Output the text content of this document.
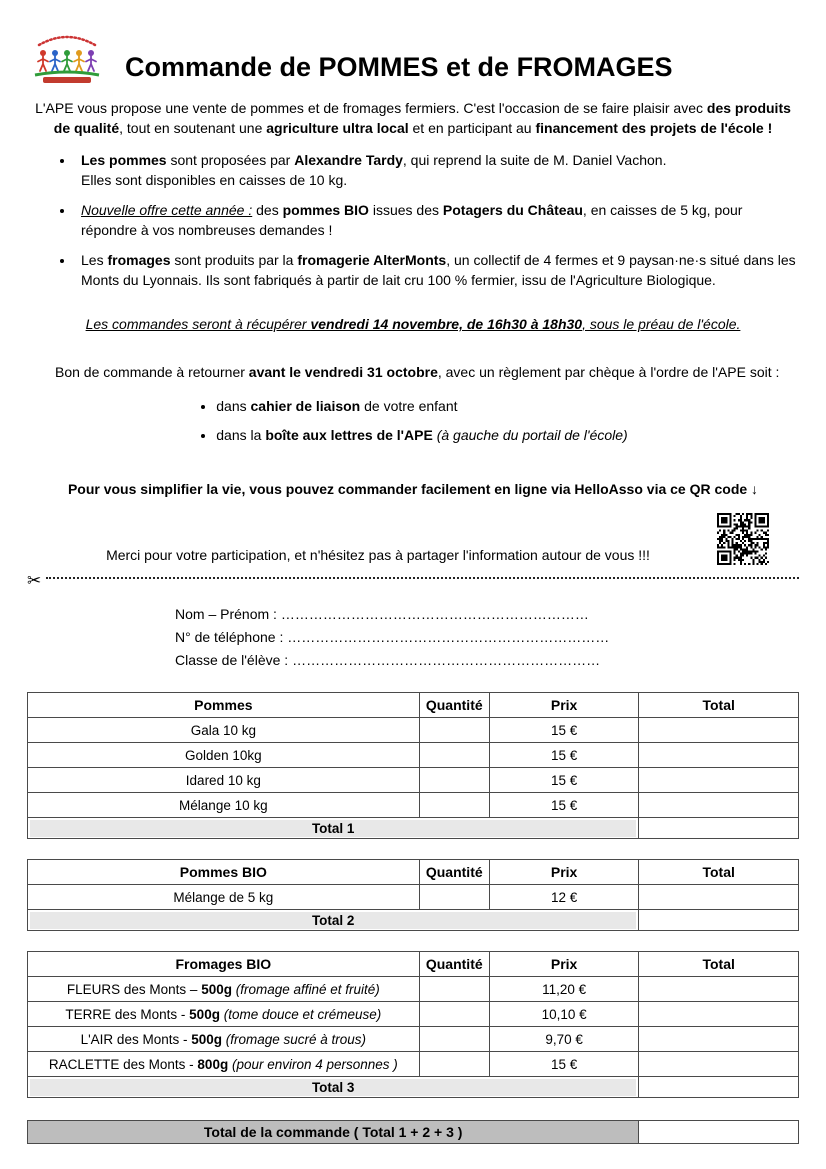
Commande de POMMES et de FROMAGES

L'APE vous propose une vente de pommes et de fromages fermiers. C'est l'occasion de se faire plaisir avec des produits de qualité, tout en soutenant une agriculture ultra local et en participant au financement des projets de l'école !

• Les pommes sont proposées par Alexandre Tardy, qui reprend la suite de M. Daniel Vachon.
Elles sont disponibles en caisses de 10 kg.
• Nouvelle offre cette année : des pommes BIO issues des Potagers du Château, en caisses de 5 kg, pour répondre à vos nombreuses demandes !
• Les fromages sont produits par la fromagerie AlterMonts, un collectif de 4 fermes et 9 paysan·ne·s situé dans les Monts du Lyonnais. Ils sont fabriqués à partir de lait cru 100 % fermier, issu de l'Agriculture Biologique.

Les commandes seront à récupérer vendredi 14 novembre, de 16h30 à 18h30, sous le préau de l'école.

Bon de commande à retourner avant le vendredi 31 octobre, avec un règlement par chèque à l'ordre de l'APE soit :

• dans cahier de liaison de votre enfant
• dans la boîte aux lettres de l'APE (à gauche du portail de l'école)

Pour vous simplifier la vie, vous pouvez commander facilement en ligne via HelloAsso via ce QR code ↓

Merci pour votre participation, et n'hésitez pas à partager l'information autour de vous !!!

✂
Nom – Prénom : …………………………………………………………
N° de téléphone : ……………………………………………………………
Classe de l'élève : …………………………………………………………
Pommes	Quantité	Prix	Total
Gala 10 kg		15 €	
Golden 10kg		15 €	
Idared 10 kg		15 €	
Mélange 10 kg		15 €	

Total 1			

Pommes BIO	Quantité	Prix	Total
Mélange de 5 kg		12 €	

Total 2			

Fromages BIO	Quantité	Prix	Total
FLEURS des Monts – 500g (fromage affiné et fruité)		11,20 €	
TERRE des Monts - 500g (tome douce et crémeuse)		10,10 €	
L'AIR des Monts - 500g (fromage sucré à trous)		9,70 €	
RACLETTE des Monts - 800g (pour environ 4 personnes )		15 €	

Total 3			

Total de la commande ( Total 1 + 2 + 3 )	
